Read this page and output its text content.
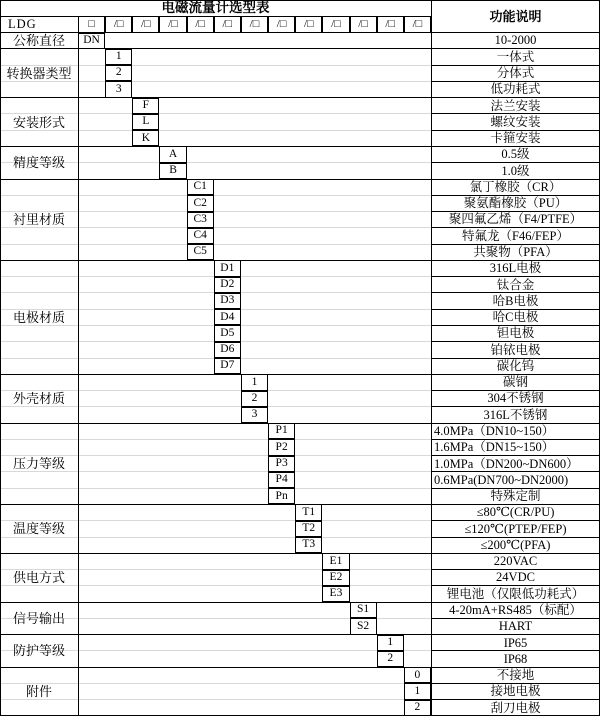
电磁流量计选型表
功能说明
LDG	□	/□	/□	/□	/□	/□	/□	/□	/□	/□	/□	/□	/□
公称直径	DN	10-2000
转换器类型
1	一体式
2	分体式
3	低功耗式
安装形式
F	法兰安装
L	螺纹安装
K	卡箍安装
精度等级
A	0.5级
B	1.0级
衬里材质
C1	氯丁橡胶（CR）
C2	聚氨酯橡胶（PU）
C3	聚四氟乙烯（F4/PTFE）
C4	特氟龙（F46/FEP）
C5	共聚物（PFA）
电极材质
D1	316L电极
D2	钛合金
D3	哈B电极
D4	哈C电极
D5	钽电极
D6	铂铱电极
D7	碳化钨
外壳材质
1	碳钢
2	304不锈钢
3	316L不锈钢
压力等级
P1	4.0MPa（DN10~150）
P2	1.6MPa（DN15~150）
P3	1.0MPa（DN200~DN600）
P4	0.6MPa(DN700~DN2000)
Pn	特殊定制
温度等级
T1	≤80℃(CR/PU)
T2	≤120℃(PTEP/FEP)
T3	≤200℃(PFA)
供电方式
E1	220VAC
E2	24VDC
E3	锂电池（仅限低功耗式）
信号输出
S1	4-20mA+RS485（标配）
S2	HART
防护等级
1	IP65
2	IP68
附件
0	不接地
1	接地电极
2	刮刀电极
